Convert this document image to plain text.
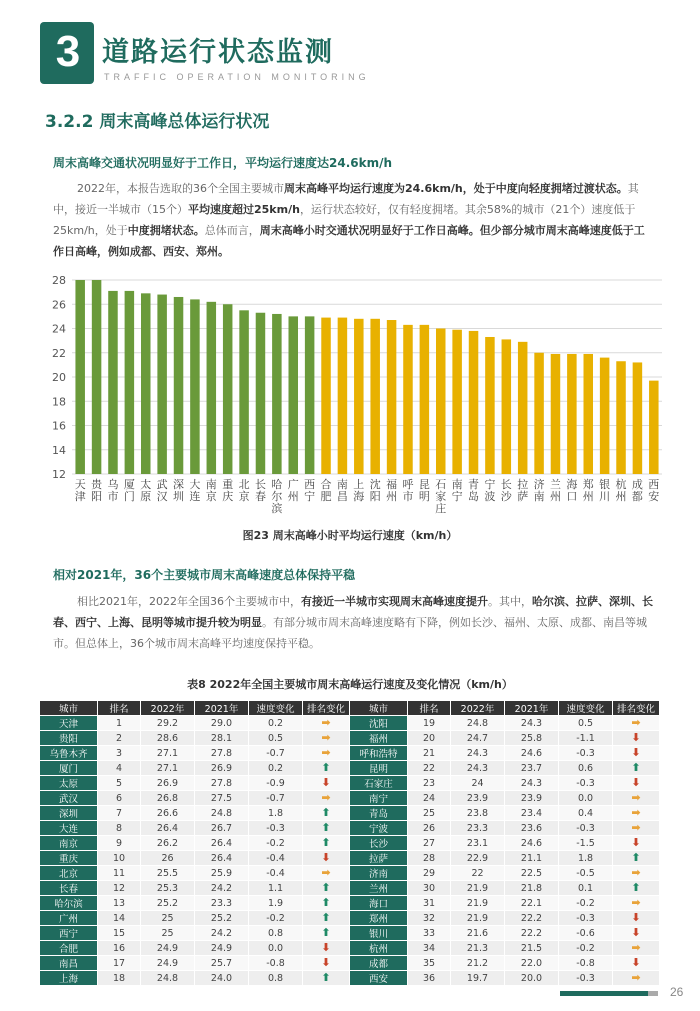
3 道路运行状态监测
TRAFFIC OPERATION MONITORING
3.2.2 周末高峰总体运行状况
周末高峰交通状况明显好于工作日，平均运行速度达24.6km/h
2022年，本报告选取的36个全国主要城市周末高峰平均运行速度为24.6km/h，处于中度向轻度拥堵过渡状态。其中，接近一半城市（15个）平均速度超过25km/h，运行状态较好，仅有轻度拥堵。其余58%的城市（21个）速度低于25km/h，处于中度拥堵状态。总体而言，周末高峰小时交通状况明显好于工作日高峰。但少部分城市周末高峰速度低于工作日高峰，例如成都、西安、郑州。
12
14
16
18
20
22
24
26
28
天津
贵阳
乌市
厦门
太原
武汉
深圳
大连
南京
重庆
北京
长春
哈尔滨
广州
西宁
合肥
南昌
上海
沈阳
福州
呼市
昆明
石家庄
南宁
青岛
宁波
长沙
拉萨
济南
兰州
海口
郑州
银川
杭州
成都
西安
图23 周末高峰小时平均运行速度（km/h）
相对2021年，36个主要城市周末高峰速度总体保持平稳
相比2021年，2022年全国36个主要城市中，有接近一半城市实现周末高峰速度提升。其中，哈尔滨、拉萨、深圳、长春、西宁、上海、昆明等城市提升较为明显。有部分城市周末高峰速度略有下降，例如长沙、福州、太原、成都、南昌等城市。但总体上，36个城市周末高峰平均速度保持平稳。
表8 2022年全国主要城市周末高峰运行速度及变化情况（km/h）
城市	排名	2022年	2021年	速度变化	排名变化	城市	排名	2022年	2021年	速度变化	排名变化
天津	1	29.2	29.0	0.2	➡	沈阳	19	24.8	24.3	0.5	➡
贵阳	2	28.6	28.1	0.5	➡	福州	20	24.7	25.8	-1.1	⬇
乌鲁木齐	3	27.1	27.8	-0.7	➡	呼和浩特	21	24.3	24.6	-0.3	⬇
厦门	4	27.1	26.9	0.2	⬆	昆明	22	24.3	23.7	0.6	⬆
太原	5	26.9	27.8	-0.9	⬇	石家庄	23	24	24.3	-0.3	⬇
武汉	6	26.8	27.5	-0.7	➡	南宁	24	23.9	23.9	0.0	➡
深圳	7	26.6	24.8	1.8	⬆	青岛	25	23.8	23.4	0.4	➡
大连	8	26.4	26.7	-0.3	⬆	宁波	26	23.3	23.6	-0.3	➡
南京	9	26.2	26.4	-0.2	⬆	长沙	27	23.1	24.6	-1.5	⬇
重庆	10	26	26.4	-0.4	⬇	拉萨	28	22.9	21.1	1.8	⬆
北京	11	25.5	25.9	-0.4	➡	济南	29	22	22.5	-0.5	➡
长春	12	25.3	24.2	1.1	⬆	兰州	30	21.9	21.8	0.1	⬆
哈尔滨	13	25.2	23.3	1.9	⬆	海口	31	21.9	22.1	-0.2	➡
广州	14	25	25.2	-0.2	⬆	郑州	32	21.9	22.2	-0.3	⬇
西宁	15	25	24.2	0.8	⬆	银川	33	21.6	22.2	-0.6	⬇
合肥	16	24.9	24.9	0.0	⬇	杭州	34	21.3	21.5	-0.2	➡
南昌	17	24.9	25.7	-0.8	⬇	成都	35	21.2	22.0	-0.8	⬇
上海	18	24.8	24.0	0.8	⬆	西安	36	19.7	20.0	-0.3	➡
26
